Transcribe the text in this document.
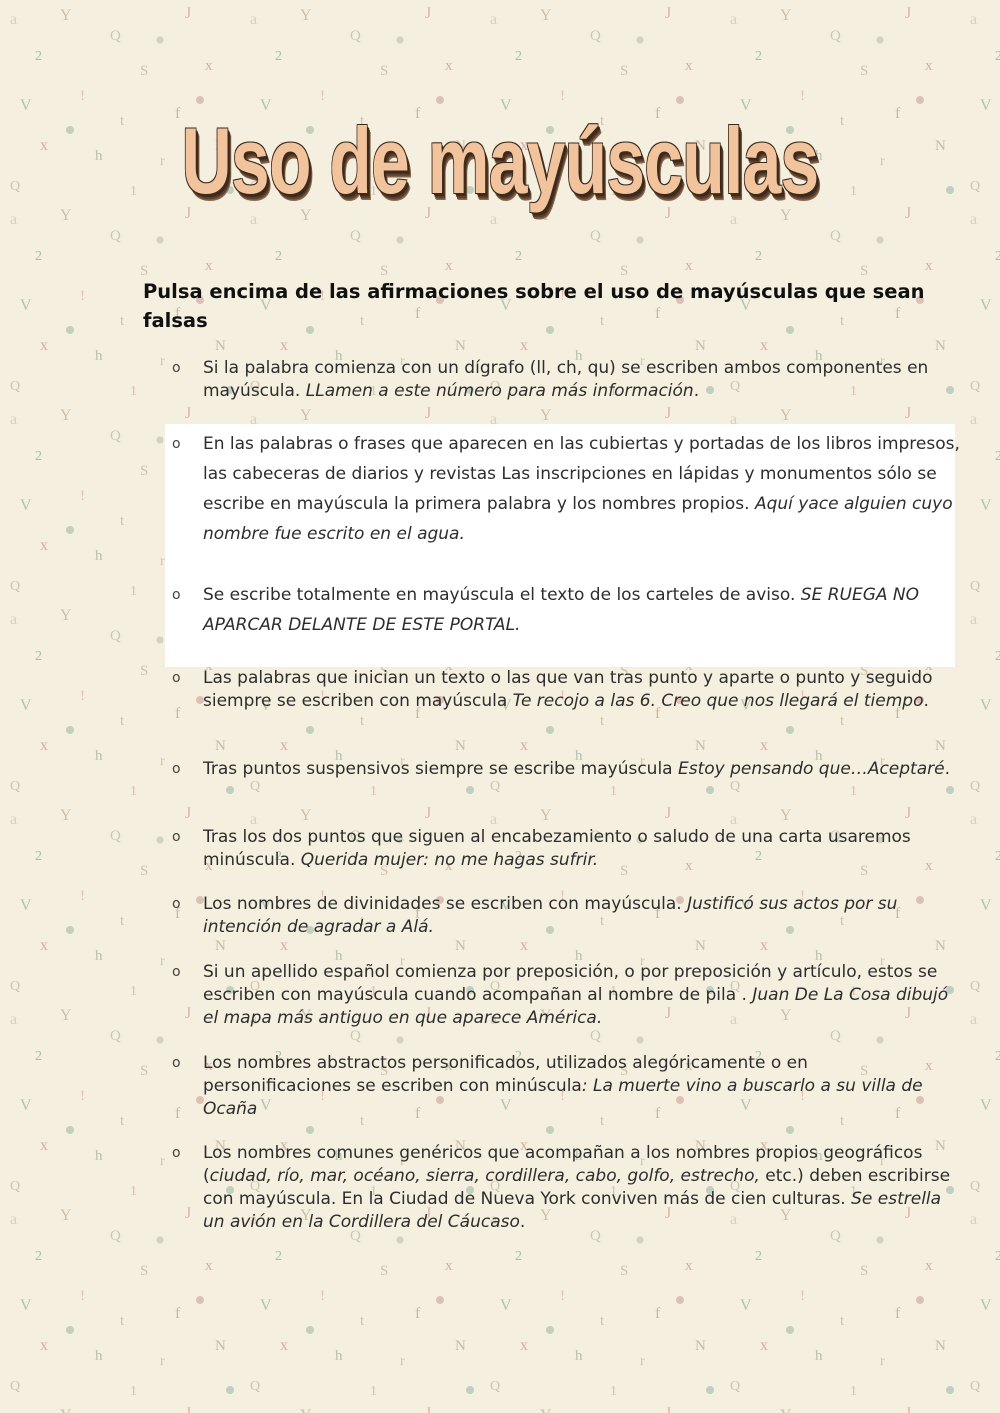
Uso de mayúsculas
Pulsa encima de las afirmaciones sobre el uso de mayúsculas que sean falsas
o Si la palabra comienza con un dígrafo (ll, ch, qu) se escriben ambos componentes en mayúscula. LLamen a este número para más información.
o En las palabras o frases que aparecen en las cubiertas y portadas de los libros impresos, las cabeceras de diarios y revistas Las inscripciones en lápidas y monumentos sólo se escribe en mayúscula la primera palabra y los nombres propios. Aquí yace alguien cuyo nombre fue escrito en el agua.
o Se escribe totalmente en mayúscula el texto de los carteles de aviso. SE RUEGA NO APARCAR DELANTE DE ESTE PORTAL.
o Las palabras que inician un texto o las que van tras punto y aparte o punto y seguido siempre se escriben con mayúscula Te recojo a las 6. Creo que nos llegará el tiempo.
o Tras puntos suspensivos siempre se escribe mayúscula Estoy pensando que…Aceptaré.
o Tras los dos puntos que siguen al encabezamiento o saludo de una carta usaremos minúscula. Querida mujer: no me hagas sufrir.
o Los nombres de divinidades se escriben con mayúscula. Justificó sus actos por su intención de agradar a Alá.
o Si un apellido español comienza por preposición, o por preposición y artículo, estos se escriben con mayúscula cuando acompañan al nombre de pila . Juan De La Cosa dibujó el mapa más antiguo en que aparece América.
o Los nombres abstractos personificados, utilizados alegóricamente o en personificaciones se escriben con minúscula: La muerte vino a buscarlo a su villa de Ocaña
o Los nombres comunes genéricos que acompañan a los nombres propios geográficos (ciudad, río, mar, océano, sierra, cordillera, cabo, golfo, estrecho, etc.) deben escribirse con mayúscula. En la Ciudad de Nueva York conviven más de cien culturas. Se estrella un avión en la Cordillera del Cáucaso.
